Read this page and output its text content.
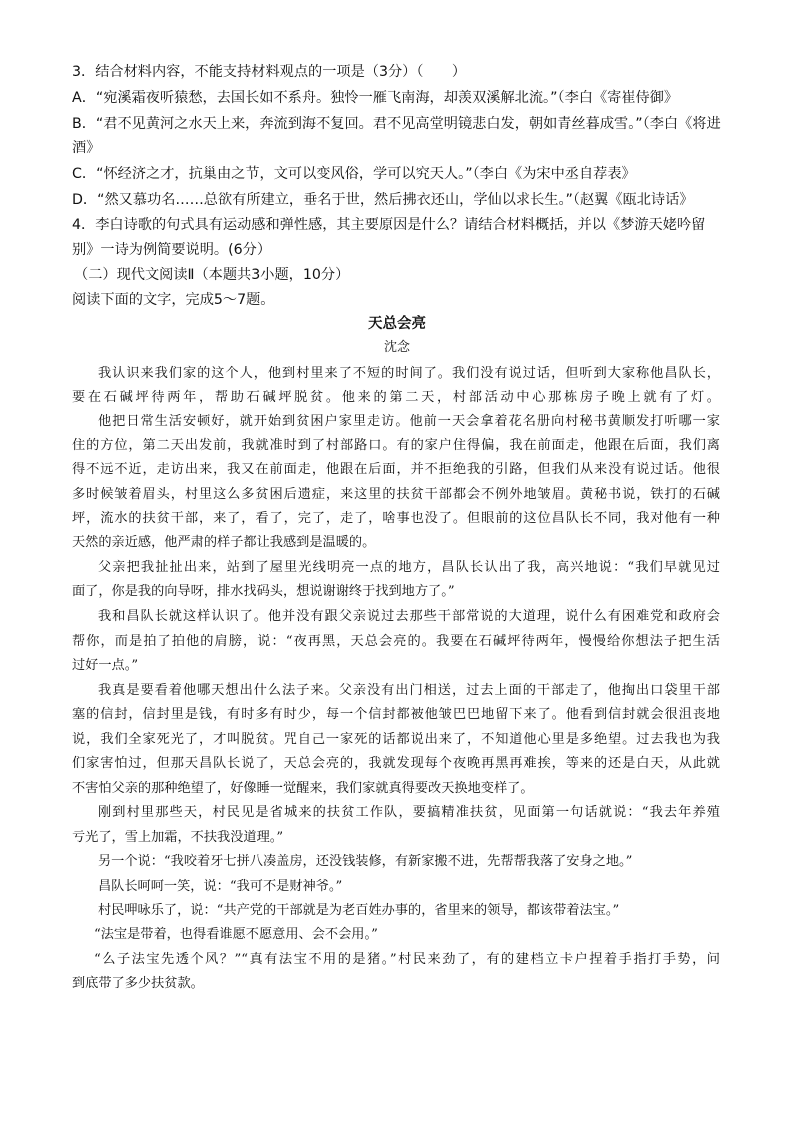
3．结合材料内容，不能支持材料观点的一项是（3分）（　　）
A．“宛溪霜夜听猿愁，去国长如不系舟。独怜一雁飞南海，却羡双溪解北流。”（李白《寄崔侍御》
B．“君不见黄河之水天上来，奔流到海不复回。君不见高堂明镜悲白发，朝如青丝暮成雪。”（李白《将进
酒》
C．“怀经济之才，抗巢由之节，文可以变风俗，学可以究天人。”（李白《为宋中丞自荐表》
D．“然又慕功名……总欲有所建立，垂名于世，然后拂衣还山，学仙以求长生。”（赵翼《瓯北诗话》
4．李白诗歌的句式具有运动感和弹性感，其主要原因是什么？请结合材料概括，并以《梦游天姥吟留
别》一诗为例简要说明。(6分）
（二）现代文阅读Ⅱ（本题共3小题，10分）
阅读下面的文字，完成5～7题。
天总会亮
沈念
我认识来我们家的这个人，他到村里来了不短的时间了。我们没有说过话，但听到大家称他昌队长，
要在石碱坪待两年，帮助石碱坪脱贫。他来的第二天，村部活动中心那栋房子晚上就有了灯。
他把日常生活安顿好，就开始到贫困户家里走访。他前一天会拿着花名册向村秘书黄顺发打听哪一家
住的方位，第二天出发前，我就准时到了村部路口。有的家户住得偏，我在前面走，他跟在后面，我们离
得不远不近，走访出来，我又在前面走，他跟在后面，并不拒绝我的引路，但我们从来没有说过话。他很
多时候皱着眉头，村里这么多贫困后遗症，来这里的扶贫干部都会不例外地皱眉。黄秘书说，铁打的石碱
坪，流水的扶贫干部，来了，看了，完了，走了，啥事也没了。但眼前的这位昌队长不同，我对他有一种
天然的亲近感，他严肃的样子都让我感到是温暖的。
父亲把我扯扯出来，站到了屋里光线明亮一点的地方，昌队长认出了我，高兴地说：“我们早就见过
面了，你是我的向导呀，排水找码头，想说谢谢终于找到地方了。”
我和昌队长就这样认识了。他并没有跟父亲说过去那些干部常说的大道理，说什么有困难党和政府会
帮你，而是拍了拍他的肩膀，说：“夜再黑，天总会亮的。我要在石碱坪待两年，慢慢给你想法子把生活
过好一点。”
我真是要看着他哪天想出什么法子来。父亲没有出门相送，过去上面的干部走了，他掏出口袋里干部
塞的信封，信封里是钱，有时多有时少，每一个信封都被他皱巴巴地留下来了。他看到信封就会很沮丧地
说，我们全家死光了，才叫脱贫。咒自己一家死的话都说出来了，不知道他心里是多绝望。过去我也为我
们家害怕过，但那天昌队长说了，天总会亮的，我就发现每个夜晚再黑再难挨，等来的还是白天，从此就
不害怕父亲的那种绝望了，好像睡一觉醒来，我们家就真得要改天换地变样了。
刚到村里那些天，村民见是省城来的扶贫工作队，要搞精准扶贫，见面第一句话就说：“我去年养殖
亏光了，雪上加霜，不扶我没道理。”
另一个说：“我咬着牙七拼八凑盖房，还没钱装修，有新家搬不进，先帮帮我落了安身之地。”
昌队长呵呵一笑，说：“我可不是财神爷。”
村民呷咏乐了，说：“共产党的干部就是为老百姓办事的，省里来的领导，都该带着法宝。”
“法宝是带着，也得看谁愿不愿意用、会不会用。”
“么子法宝先透个风？”“真有法宝不用的是猪。”村民来劲了，有的建档立卡户捏着手指打手势，问
到底带了多少扶贫款。
